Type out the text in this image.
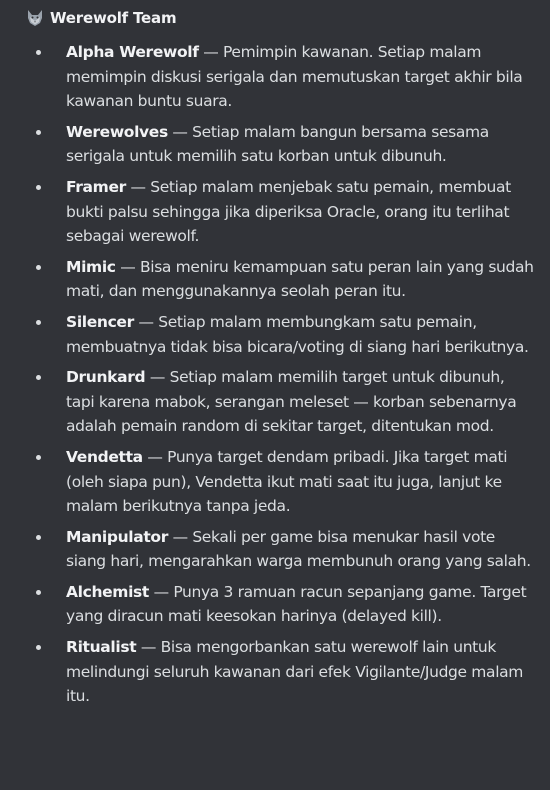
Werewolf Team
Alpha Werewolf — Pemimpin kawanan. Setiap malam memimpin diskusi serigala dan memutuskan target akhir bila kawanan buntu suara.
Werewolves — Setiap malam bangun bersama sesama serigala untuk memilih satu korban untuk dibunuh.
Framer — Setiap malam menjebak satu pemain, membuat bukti palsu sehingga jika diperiksa Oracle, orang itu terlihat sebagai werewolf.
Mimic — Bisa meniru kemampuan satu peran lain yang sudah mati, dan menggunakannya seolah peran itu.
Silencer — Setiap malam membungkam satu pemain, membuatnya tidak bisa bicara/voting di siang hari berikutnya.
Drunkard — Setiap malam memilih target untuk dibunuh, tapi karena mabok, serangan meleset — korban sebenarnya adalah pemain random di sekitar target, ditentukan mod.
Vendetta — Punya target dendam pribadi. Jika target mati (oleh siapa pun), Vendetta ikut mati saat itu juga, lanjut ke malam berikutnya tanpa jeda.
Manipulator — Sekali per game bisa menukar hasil vote siang hari, mengarahkan warga membunuh orang yang salah.
Alchemist — Punya 3 ramuan racun sepanjang game. Target yang diracun mati keesokan harinya (delayed kill).
Ritualist — Bisa mengorbankan satu werewolf lain untuk melindungi seluruh kawanan dari efek Vigilante/Judge malam itu.
